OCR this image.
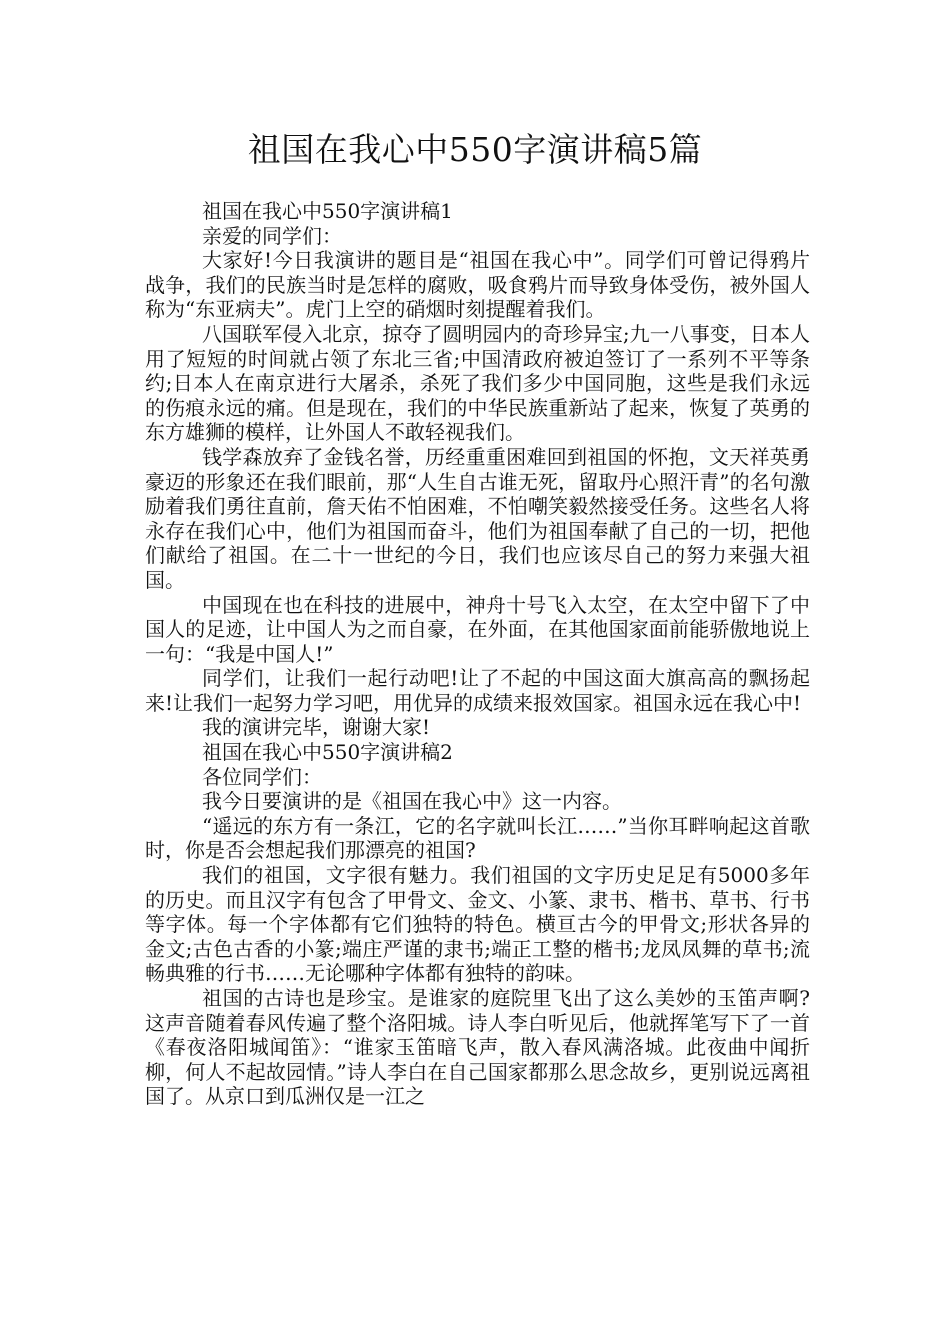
祖国在我心中550字演讲稿5篇

祖国在我心中550字演讲稿1

亲爱的同学们：

大家好!今日我演讲的题目是“祖国在我心中”。同学们可曾记得鸦片战争，我们的民族当时是怎样的腐败，吸食鸦片而导致身体受伤，被外国人称为“东亚病夫”。虎门上空的硝烟时刻提醒着我们。

八国联军侵入北京，掠夺了圆明园内的奇珍异宝;九一八事变，日本人用了短短的时间就占领了东北三省;中国清政府被迫签订了一系列不平等条约;日本人在南京进行大屠杀，杀死了我们多少中国同胞，这些是我们永远的伤痕永远的痛。但是现在，我们的中华民族重新站了起来，恢复了英勇的东方雄狮的模样，让外国人不敢轻视我们。

钱学森放弃了金钱名誉，历经重重困难回到祖国的怀抱，文天祥英勇豪迈的形象还在我们眼前，那“人生自古谁无死，留取丹心照汗青”的名句激励着我们勇往直前，詹天佑不怕困难，不怕嘲笑毅然接受任务。这些名人将永存在我们心中，他们为祖国而奋斗，他们为祖国奉献了自己的一切，把他们献给了祖国。在二十一世纪的今日，我们也应该尽自己的努力来强大祖国。

中国现在也在科技的进展中，神舟十号飞入太空，在太空中留下了中国人的足迹，让中国人为之而自豪，在外面，在其他国家面前能骄傲地说上一句：“我是中国人!”

同学们，让我们一起行动吧!让了不起的中国这面大旗高高的飘扬起来!让我们一起努力学习吧，用优异的成绩来报效国家。祖国永远在我心中!

我的演讲完毕，谢谢大家!

祖国在我心中550字演讲稿2

各位同学们：

我今日要演讲的是《祖国在我心中》这一内容。

“遥远的东方有一条江，它的名字就叫长江……”当你耳畔响起这首歌时，你是否会想起我们那漂亮的祖国?

我们的祖国，文字很有魅力。我们祖国的文字历史足足有5000多年的历史。而且汉字有包含了甲骨文、金文、小篆、隶书、楷书、草书、行书等字体。每一个字体都有它们独特的特色。横亘古今的甲骨文;形状各异的金文;古色古香的小篆;端庄严谨的隶书;端正工整的楷书;龙凤凤舞的草书;流畅典雅的行书……无论哪种字体都有独特的韵味。

祖国的古诗也是珍宝。是谁家的庭院里飞出了这么美妙的玉笛声啊?这声音随着春风传遍了整个洛阳城。诗人李白听见后，他就挥笔写下了一首《春夜洛阳城闻笛》：“谁家玉笛暗飞声，散入春风满洛城。此夜曲中闻折柳，何人不起故园情。”诗人李白在自己国家都那么思念故乡，更别说远离祖国了。从京口到瓜洲仅是一江之
